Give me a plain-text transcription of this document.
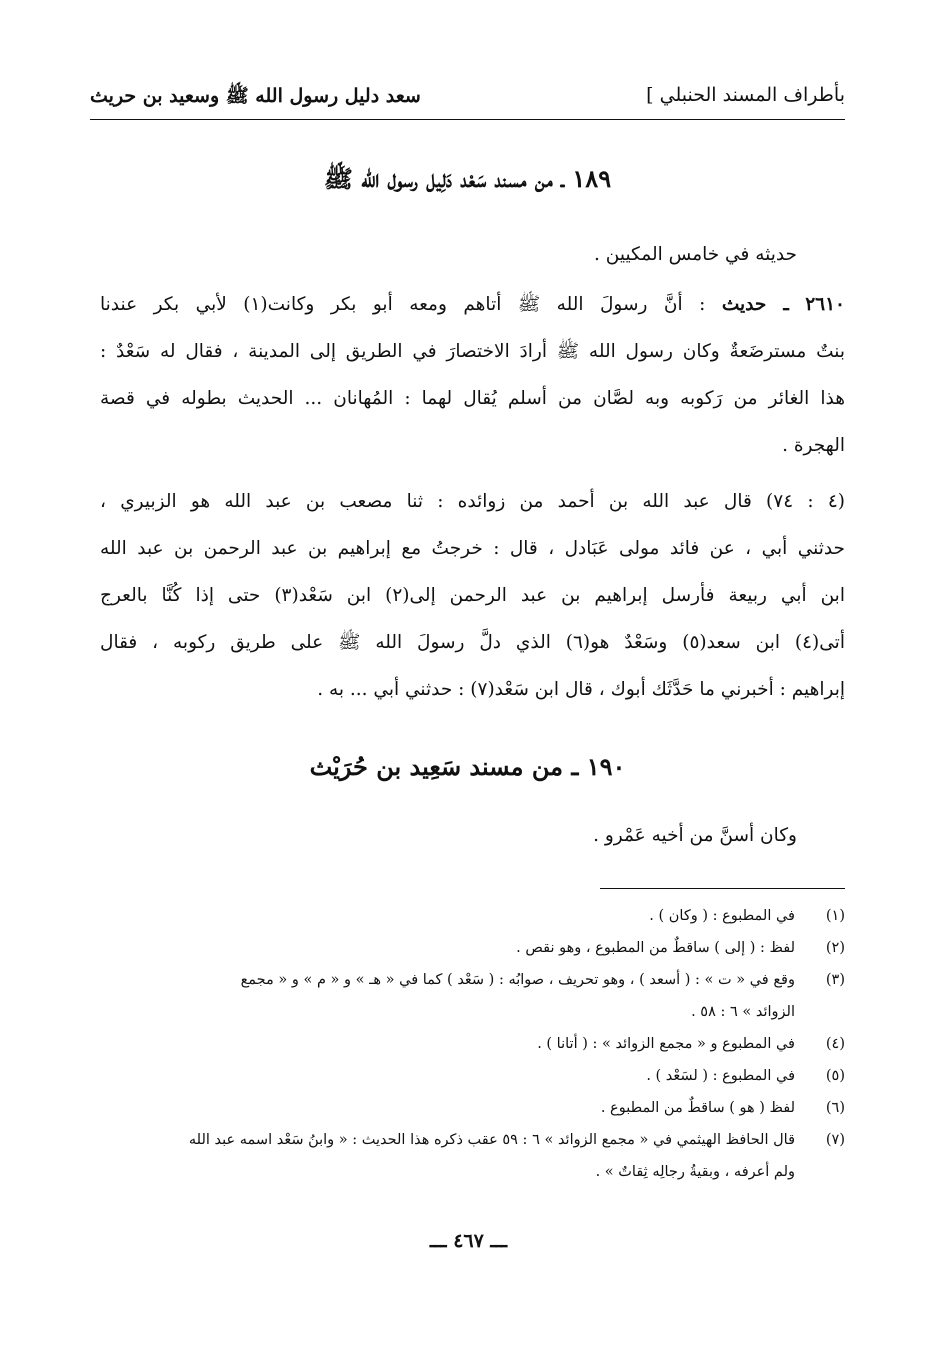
بأطراف المسند الحنبلي ]
سعد دليل رسول الله ﷺ وسعيد بن حريث
١٨٩ ـ من مسند سَعْد دَلِيل رسول الله ﷺ
حديثه في خامس المكيين .
٢٦١٠ ـ حديث : أنَّ رسولَ الله ﷺ أتاهم ومعه أبو بكر وكانت(١) لأبي بكر عندنا
بنتٌ مسترضَعةٌ وكان رسول الله ﷺ أرادَ الاختصارَ في الطريق إلى المدينة ، فقال له سَعْدٌ :
هذا الغائر من رَكوبه وبه لصَّان من أسلم يُقال لهما : المُهانان ... الحديث بطوله في قصة
الهجرة .
(٤ : ٧٤) قال عبد الله بن أحمد من زوائده : ثنا مصعب بن عبد الله هو الزبيري ،
حدثني أبي ، عن فائد مولى عَبَادل ، قال : خرجتُ مع إبراهيم بن عبد الرحمن بن عبد الله
ابن أبي ربيعة فأرسل إبراهيم بن عبد الرحمن إلى(٢) ابن سَعْد(٣) حتى إذا كُنَّا بالعرج
أتى(٤) ابن سعد(٥) وسَعْدٌ هو(٦) الذي دلَّ رسولَ الله ﷺ على طريق ركوبه ، فقال
إبراهيم : أخبرني ما حَدَّثَك أبوك ، قال ابن سَعْد(٧) : حدثني أبي ... به .
١٩٠ ـ من مسند سَعِيد بن حُرَيْث
وكان أسنَّ من أخيه عَمْرو .
(١)
في المطبوع : ( وكان ) .
(٢)
لفظ : ( إلى ) ساقطٌ من المطبوع ، وهو نقص .
(٣)
وقع في « ت » : ( أسعد ) ، وهو تحريف ، صوابُه : ( سَعْد ) كما في « هـ » و « م » و « مجمع
الزوائد » ٦ : ٥٨ .
(٤)
في المطبوع و « مجمع الزوائد » : ( أتانا ) .
(٥)
في المطبوع : ( لسَعْد ) .
(٦)
لفظ ( هو ) ساقطٌ من المطبوع .
(٧)
قال الحافظ الهيثمي في « مجمع الزوائد » ٦ : ٥٩ عقب ذكره هذا الحديث : « وابنُ سَعْد اسمه عبد الله
ولم أعرفه ، وبقيةُ رجالِه ثِقاتٌ » .
ـــ ٤٦٧ ـــ
